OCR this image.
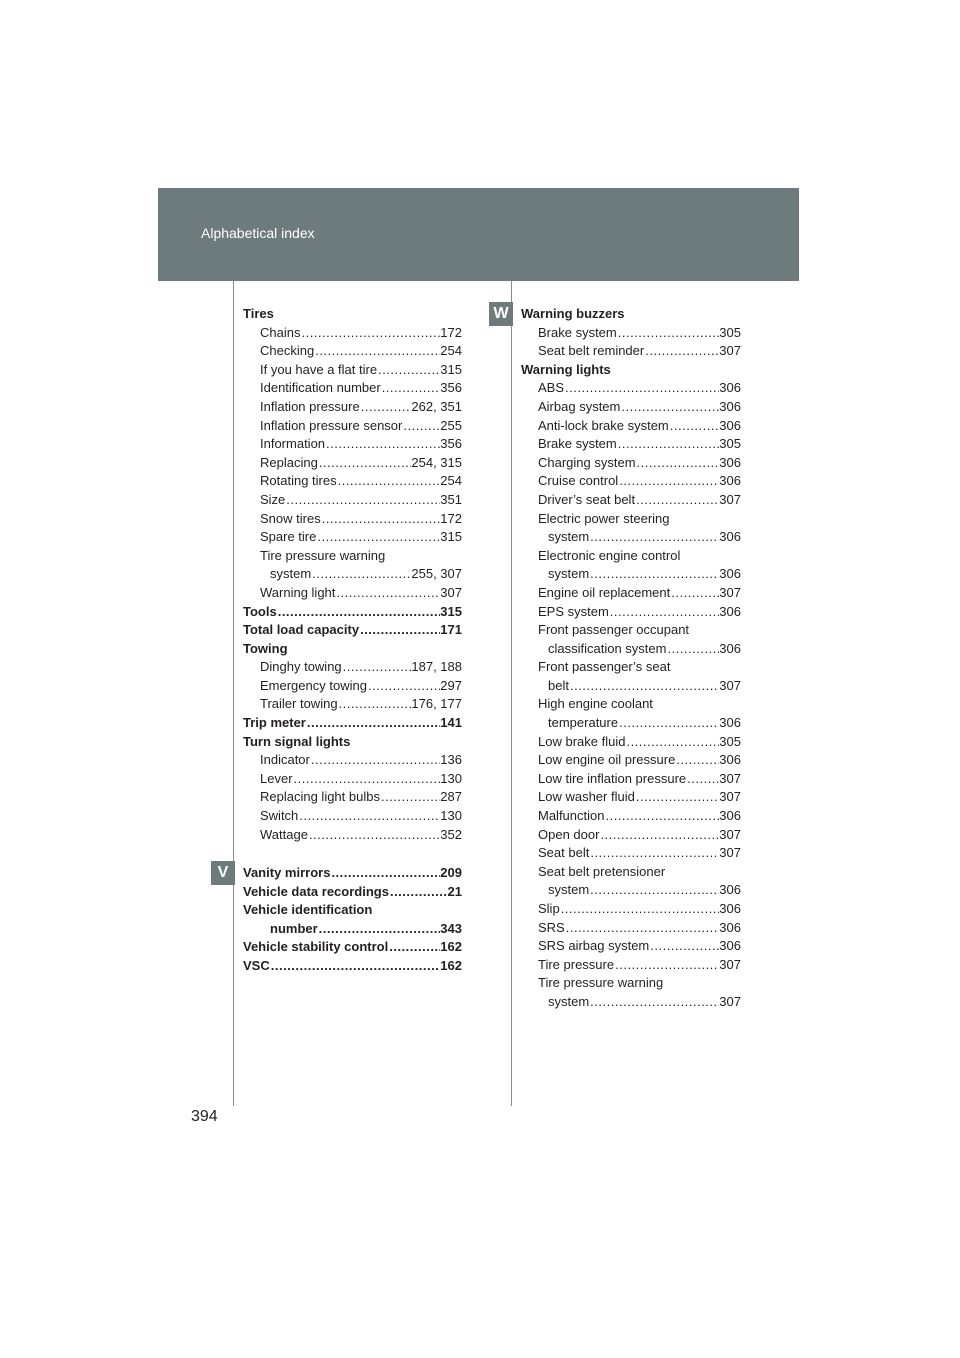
Alphabetical index
W
V
Tires
Chains .....	172
Checking .....	254
If you have a flat tire .....	315
Identification number .....	356
Inflation pressure .....	262, 351
Inflation pressure sensor .....	255
Information .....	356
Replacing .....	254, 315
Rotating tires .....	254
Size .....	351
Snow tires .....	172
Spare tire .....	315
Tire pressure warning
system .....	255, 307
Warning light .....	307
Tools .....	315
Total load capacity .....	171
Towing
Dinghy towing .....	187, 188
Emergency towing .....	297
Trailer towing .....	176, 177
Trip meter .....	141
Turn signal lights
Indicator .....	136
Lever .....	130
Replacing light bulbs .....	287
Switch .....	130
Wattage .....	352
Vanity mirrors .....	209
Vehicle data recordings .....	21
Vehicle identification
number .....	343
Vehicle stability control .....	162
VSC .....	162
Warning buzzers
Brake system .....	305
Seat belt reminder .....	307
Warning lights
ABS .....	306
Airbag system .....	306
Anti-lock brake system .....	306
Brake system .....	305
Charging system .....	306
Cruise control .....	306
Driver’s seat belt .....	307
Electric power steering
system .....	306
Electronic engine control
system .....	306
Engine oil replacement .....	307
EPS system .....	306
Front passenger occupant
classification system .....	306
Front passenger’s seat
belt .....	307
High engine coolant
temperature .....	306
Low brake fluid .....	305
Low engine oil pressure .....	306
Low tire inflation pressure .....	307
Low washer fluid .....	307
Malfunction .....	306
Open door .....	307
Seat belt .....	307
Seat belt pretensioner
system .....	306
Slip .....	306
SRS .....	306
SRS airbag system .....	306
Tire pressure .....	307
Tire pressure warning
system .....	307
394
